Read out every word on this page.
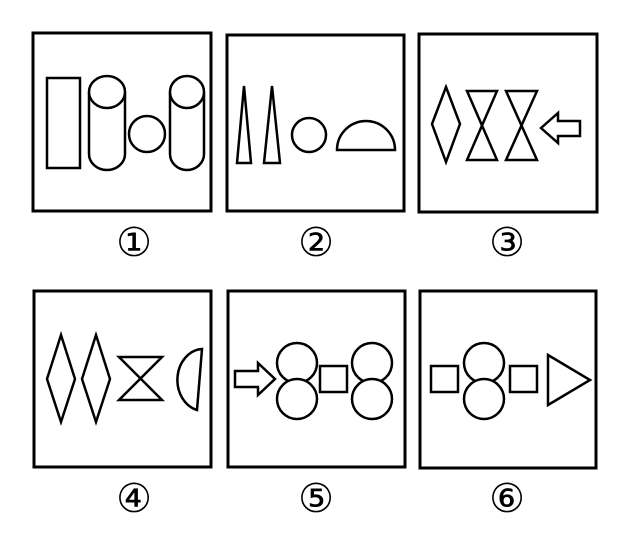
①	②	③
④	⑤	⑥
